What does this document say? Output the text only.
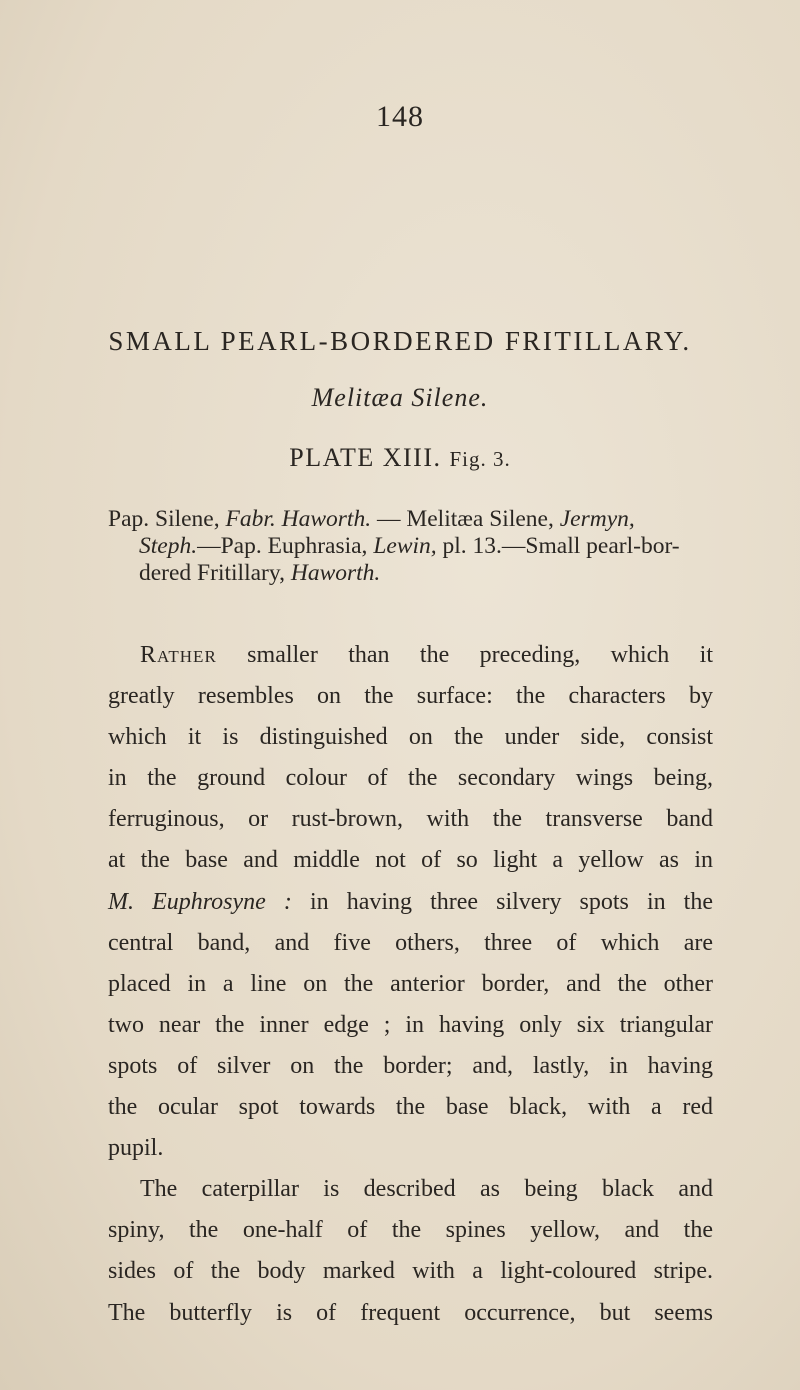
148
SMALL PEARL-BORDERED FRITILLARY.
Melitæa Silene.
PLATE XIII. Fig. 3.
Pap. Silene, Fabr. Haworth. — Melitæa Silene, Jermyn,
Steph.—Pap. Euphrasia, Lewin, pl. 13.—Small pearl-bor-
dered Fritillary, Haworth.
Rather smaller than the preceding, which it
greatly resembles on the surface: the characters by
which it is distinguished on the under side, consist
in the ground colour of the secondary wings being,
ferruginous, or rust-brown, with the transverse band
at the base and middle not of so light a yellow as in
M. Euphrosyne : in having three silvery spots in the
central band, and five others, three of which are
placed in a line on the anterior border, and the other
two near the inner edge ; in having only six triangular
spots of silver on the border; and, lastly, in having
the ocular spot towards the base black, with a red
pupil.
The caterpillar is described as being black and
spiny, the one-half of the spines yellow, and the
sides of the body marked with a light-coloured stripe.
The butterfly is of frequent occurrence, but seems
